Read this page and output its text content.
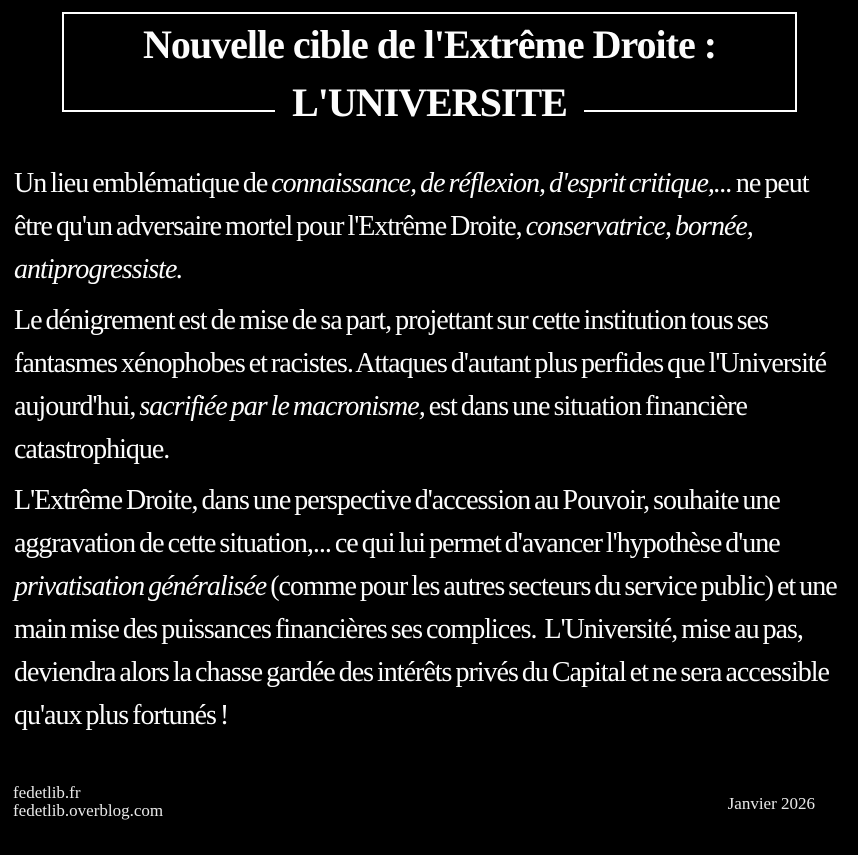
Nouvelle cible de l'Extrême Droite :
L'UNIVERSITE

Un lieu emblématique de connaissance, de réflexion, d'esprit critique,... ne peut être qu'un adversaire mortel pour l'Extrême Droite, conservatrice, bornée, antiprogressiste.

Le dénigrement est de mise de sa part, projettant sur cette institution tous ses fantasmes xénophobes et racistes. Attaques d'autant plus perfides que l'Université aujourd'hui, sacrifiée par le macronisme, est dans une situation financière catastrophique.

L'Extrême Droite, dans une perspective d'accession au Pouvoir, souhaite une aggravation de cette situation,... ce qui lui permet d'avancer l'hypothèse d'une privatisation généralisée (comme pour les autres secteurs du service public) et une main mise des puissances financières ses complices.  L'Université, mise au pas, deviendra alors la chasse gardée des intérêts privés du Capital et ne sera accessible qu'aux plus fortunés !

fedetlib.fr
fedetlib.overblog.com	Janvier 2026
